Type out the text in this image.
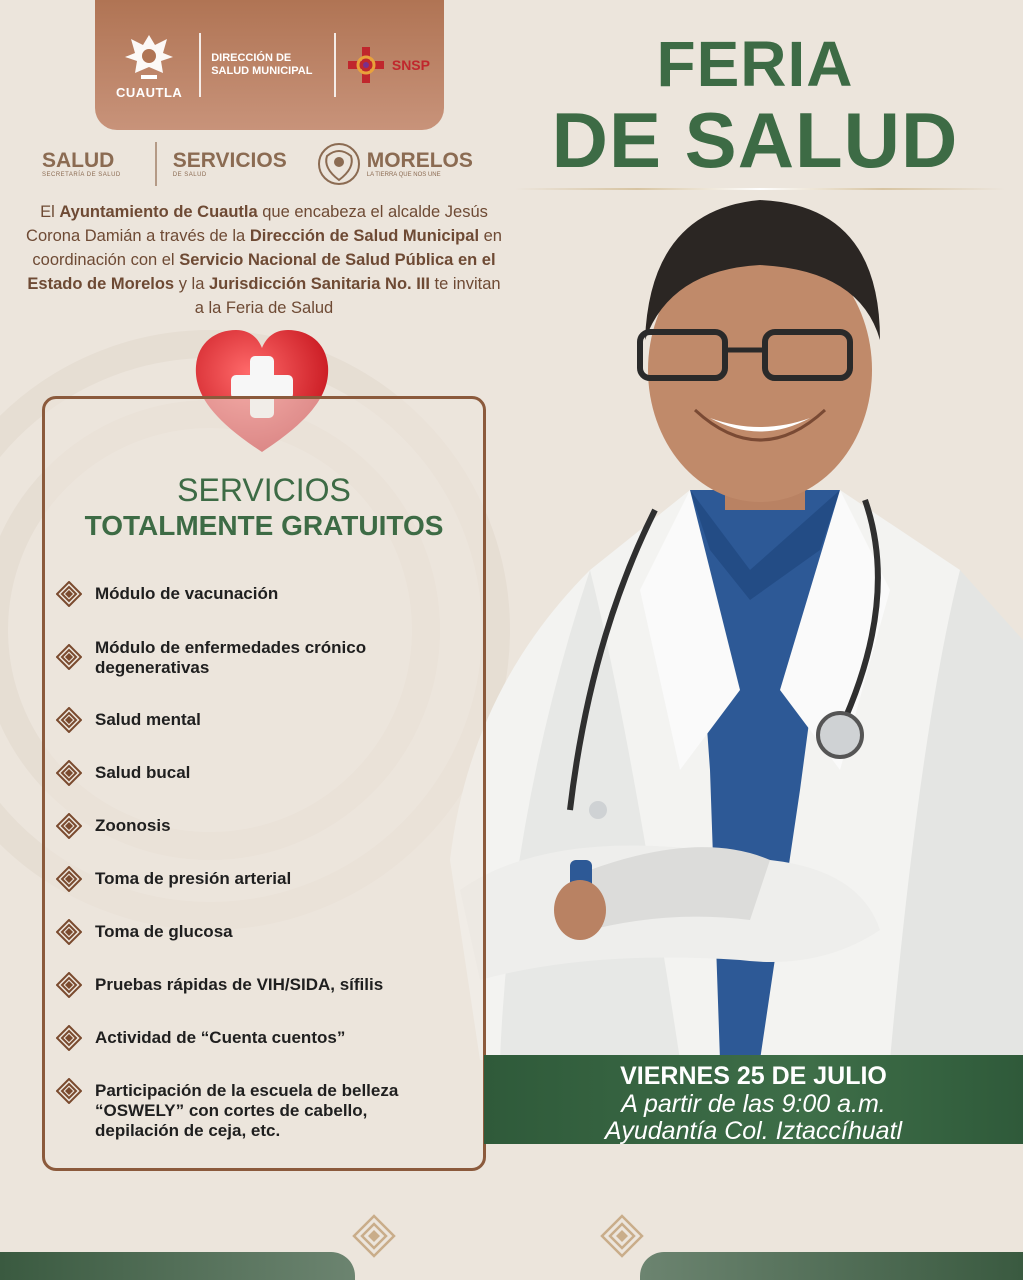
CUAUTLA
DIRECCIÓN DE SALUD MUNICIPAL	SNSP
SALUD
SECRETARÍA DE SALUD
SERVICIOS
DE SALUD
MORELOS
LA TIERRA QUE NOS UNE

El Ayuntamiento de Cuautla que encabeza el alcalde Jesús Corona Damián a través de la Dirección de Salud Municipal en coordinación con el Servicio Nacional de Salud Pública en el Estado de Morelos y la Jurisdicción Sanitaria No. III te invitan a la Feria de Salud

FERIA
DE SALUD
SERVICIOS
TOTALMENTE GRATUITOS
Módulo de vacunación
Módulo de enfermedades crónico degenerativas
Salud mental
Salud bucal
Zoonosis
Toma de presión arterial
Toma de glucosa
Pruebas rápidas de VIH/SIDA, sífilis
Actividad de “Cuenta cuentos”
Participación de la escuela de belleza “OSWELY” con cortes de cabello, depilación de ceja, etc.
VIERNES 25 DE JULIO
A partir de las 9:00 a.m.
Ayudantía Col. Iztaccíhuatl
